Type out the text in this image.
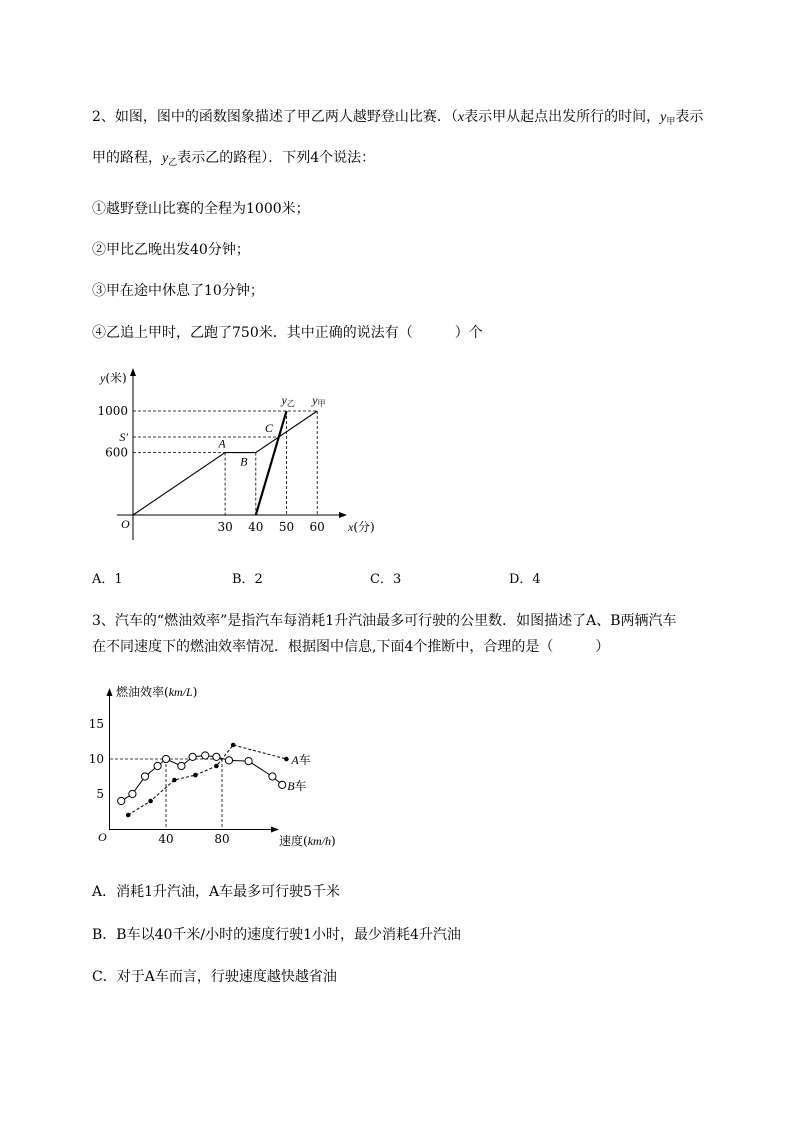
2、如图，图中的函数图象描述了甲乙两人越野登山比赛．（x表示甲从起点出发所行的时间，$y_甲$表示
甲的路程，$y_乙$表示乙的路程）．下列4个说法：
①越野登山比赛的全程为1000米；
②甲比乙晚出发40分钟；
③甲在途中休息了10分钟；
④乙追上甲时，乙跑了750米．其中正确的说法有（　　　）个
y(米)
x(分)
O
y甲
y乙
A
B
C
1000
S′
600
30 40 50 60
A．1	B．2	C．3	D．4
3、汽车的“燃油效率”是指汽车每消耗1升汽油最多可行驶的公里数．如图描述了A、B两辆汽车
在不同速度下的燃油效率情况．根据图中信息,下面4个推断中，合理的是（　　　）
燃油效率(km/L)
速度(km/h)
O
A车
B车
5
10
15
40	80
A．消耗1升汽油，A车最多可行驶5千米
B．B车以40千米/小时的速度行驶1小时，最少消耗4升汽油
C．对于A车而言，行驶速度越快越省油
